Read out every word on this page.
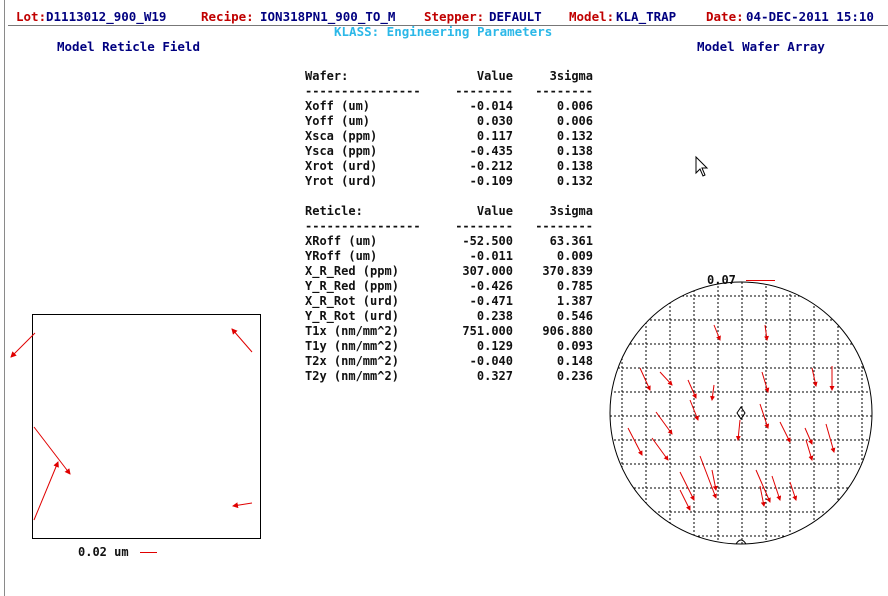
Lot:

D1113012_900_W19

	Recipe:

ION318PN1_900_TO_M

Stepper:

DEFAULT

Model:

KLA_TRAP

Date:

04-DEC-2011 15:10

KLASS: Engineering Parameters
Model Reticle Field	Model Wafer Array
Wafer:	Value	3sigma
----------------	--------	--------
Xoff (um)	-0.014	0.006
Yoff (um)	0.030	0.006
Xsca (ppm)	0.117	0.132
Ysca (ppm)	-0.435	0.138
Xrot (urd)	-0.212	0.138
Yrot (urd)	-0.109	0.132
Reticle:	Value	3sigma
----------------	--------	--------
XRoff (um)	-52.500	63.361
YRoff (um)	-0.011	0.009
X_R_Red (ppm)	307.000	370.839
Y_R_Red (ppm)	-0.426	0.785
X_R_Rot (urd)	-0.471	1.387
Y_R_Rot (urd)	0.238	0.546
T1x (nm/mm^2)	751.000	906.880
T1y (nm/mm^2)	0.129	0.093
T2x (nm/mm^2)	-0.040	0.148
T2y (nm/mm^2)	0.327	0.236
0.02 um
0.07
